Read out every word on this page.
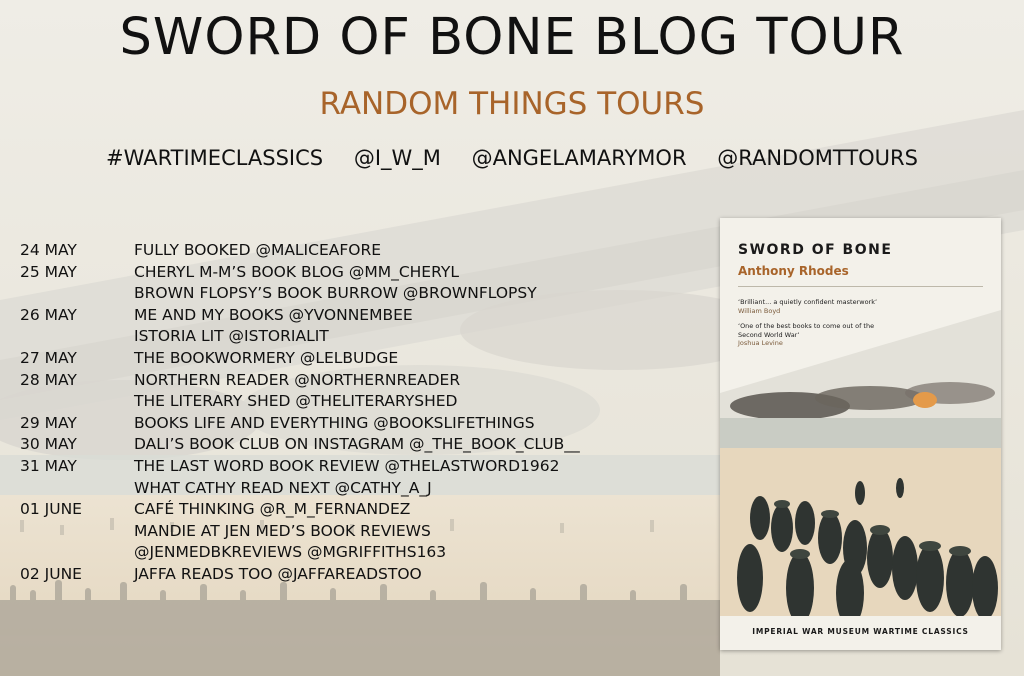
SWORD OF BONE BLOG TOUR
RANDOM THINGS TOURS
#WARTIMECLASSICS @I_W_M @ANGELAMARYMOR @RANDOMTTOURS
24 MAY	FULLY BOOKED @MALICEAFORE
25 MAY	CHERYL M-M’S BOOK BLOG @MM_CHERYL
BROWN FLOPSY’S BOOK BURROW @BROWNFLOPSY
26 MAY	ME AND MY BOOKS @YVONNEMBEE
ISTORIA LIT @ISTORIALIT
27 MAY	THE BOOKWORMERY @LELBUDGE
28 MAY	NORTHERN READER @NORTHERNREADER
THE LITERARY SHED @THELITERARYSHED
29 MAY	BOOKS LIFE AND EVERYTHING @BOOKSLIFETHINGS
30 MAY	DALI’S BOOK CLUB ON INSTAGRAM @_THE_BOOK_CLUB__
31 MAY	THE LAST WORD BOOK REVIEW @THELASTWORD1962
WHAT CATHY READ NEXT @CATHY_A_J
01 JUNE	CAFÉ THINKING @R_M_FERNANDEZ
MANDIE AT JEN MED’S BOOK REVIEWS
@JENMEDBKREVIEWS @MGRIFFITHS163
02 JUNE	JAFFA READS TOO @JAFFAREADSTOO
SWORD OF BONE
Anthony Rhodes
‘Brilliant... a quietly confident masterwork’
William Boyd
‘One of the best books to come out of the Second World War’
Joshua Levine
IMPERIAL WAR MUSEUM WARTIME CLASSICS
